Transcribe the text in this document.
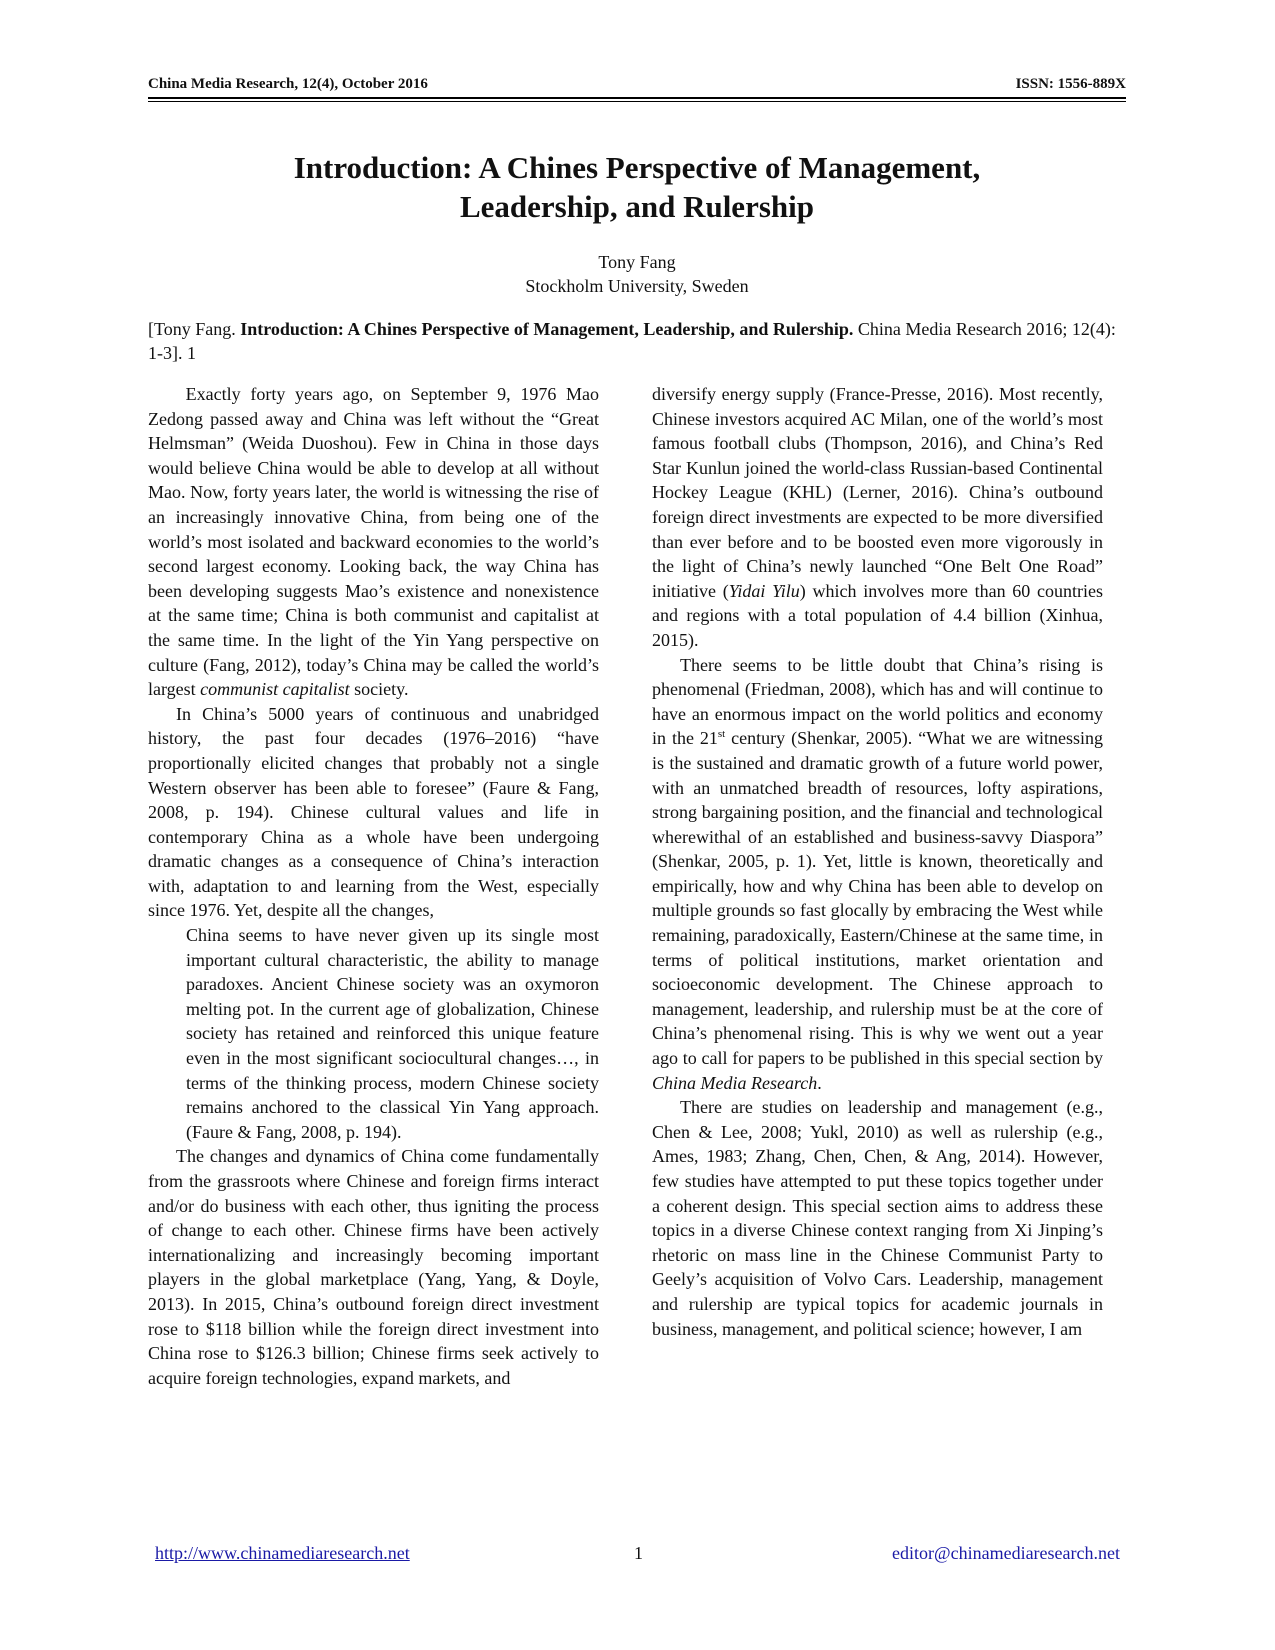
China Media Research, 12(4), October 2016	ISSN: 1556-889X
Introduction: A Chines Perspective of Management,
Leadership, and Rulership
Tony Fang
Stockholm University, Sweden
[Tony Fang. Introduction: A Chines Perspective of Management, Leadership, and Rulership. China Media Research 2016; 12(4): 1-3]. 1

Exactly forty years ago, on September 9, 1976 Mao Zedong passed away and China was left without the “Great Helmsman” (Weida Duoshou). Few in China in those days would believe China would be able to develop at all without Mao. Now, forty years later, the world is witnessing the rise of an increasingly innovative China, from being one of the world’s most isolated and backward economies to the world’s second largest economy. Looking back, the way China has been developing suggests Mao’s existence and nonexistence at the same time; China is both communist and capitalist at the same time. In the light of the Yin Yang perspective on culture (Fang, 2012), today’s China may be called the world’s largest communist capitalist society.

In China’s 5000 years of continuous and unabridged history, the past four decades (1976–2016) “have proportionally elicited changes that probably not a single Western observer has been able to foresee” (Faure & Fang, 2008, p. 194). Chinese cultural values and life in contemporary China as a whole have been undergoing dramatic changes as a consequence of China’s interaction with, adaptation to and learning from the West, especially since 1976. Yet, despite all the changes,

China seems to have never given up its single most important cultural characteristic, the ability to manage paradoxes. Ancient Chinese society was an oxymoron melting pot. In the current age of globalization, Chinese society has retained and reinforced this unique feature even in the most significant sociocultural changes…, in terms of the thinking process, modern Chinese society remains anchored to the classical Yin Yang approach. (Faure & Fang, 2008, p. 194).

The changes and dynamics of China come fundamentally from the grassroots where Chinese and foreign firms interact and/or do business with each other, thus igniting the process of change to each other. Chinese firms have been actively internationalizing and increasingly becoming important players in the global marketplace (Yang, Yang, & Doyle, 2013). In 2015, China’s outbound foreign direct investment rose to $118 billion while the foreign direct investment into China rose to $126.3 billion; Chinese firms seek actively to acquire foreign technologies, expand markets, and

diversify energy supply (France-Presse, 2016). Most recently, Chinese investors acquired AC Milan, one of the world’s most famous football clubs (Thompson, 2016), and China’s Red Star Kunlun joined the world-class Russian-based Continental Hockey League (KHL) (Lerner, 2016). China’s outbound foreign direct investments are expected to be more diversified than ever before and to be boosted even more vigorously in the light of China’s newly launched “One Belt One Road” initiative (Yidai Yilu) which involves more than 60 countries and regions with a total population of 4.4 billion (Xinhua, 2015).

There seems to be little doubt that China’s rising is phenomenal (Friedman, 2008), which has and will continue to have an enormous impact on the world politics and economy in the 21st century (Shenkar, 2005). “What we are witnessing is the sustained and dramatic growth of a future world power, with an unmatched breadth of resources, lofty aspirations, strong bargaining position, and the financial and technological wherewithal of an established and business-savvy Diaspora” (Shenkar, 2005, p. 1). Yet, little is known, theoretically and empirically, how and why China has been able to develop on multiple grounds so fast glocally by embracing the West while remaining, paradoxically, Eastern/Chinese at the same time, in terms of political institutions, market orientation and socioeconomic development. The Chinese approach to management, leadership, and rulership must be at the core of China’s phenomenal rising. This is why we went out a year ago to call for papers to be published in this special section by China Media Research.

There are studies on leadership and management (e.g., Chen & Lee, 2008; Yukl, 2010) as well as rulership (e.g., Ames, 1983; Zhang, Chen, Chen, & Ang, 2014). However, few studies have attempted to put these topics together under a coherent design. This special section aims to address these topics in a diverse Chinese context ranging from Xi Jinping’s rhetoric on mass line in the Chinese Communist Party to Geely’s acquisition of Volvo Cars. Leadership, management and rulership are typical topics for academic journals in business, management, and political science; however, I am

http://www.chinamediaresearch.net	1	editor@chinamediaresearch.net
